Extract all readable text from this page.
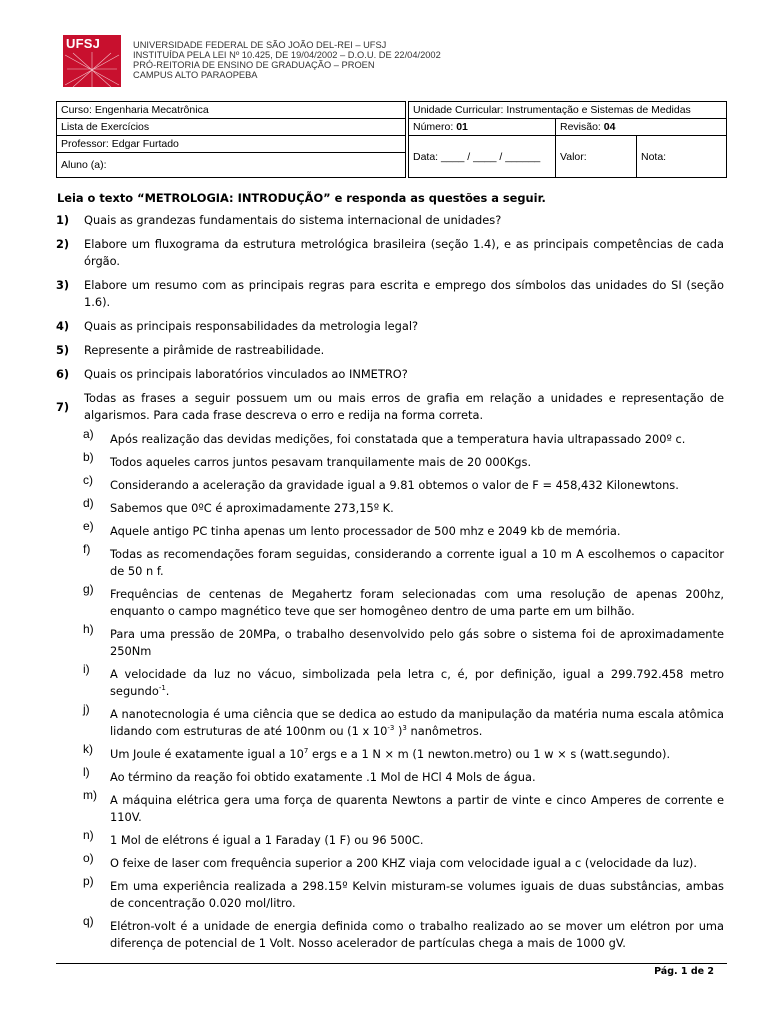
UFSJ	UNIVERSIDADE FEDERAL DE SÃO JOÃO DEL-REI – UFSJ
INSTITUÍDA PELA LEI Nº 10.425, DE 19/04/2002 – D.O.U. DE 22/04/2002
PRÓ-REITORIA DE ENSINO DE GRADUAÇÃO – PROEN
CAMPUS ALTO PARAOPEBA
Curso: Engenharia Mecatrônica		Unidade Curricular: Instrumentação e Sistemas de Medidas		
Lista de Exercícios		Número: 01	Revisão: 04	
Professor: Edgar Furtado		Data: ____ / ____ / ______	Valor:	Nota:
Aluno (a):				
Leia o texto “METROLOGIA: INTRODUÇÃO” e responda as questões a seguir.
1) Quais as grandezas fundamentais do sistema internacional de unidades?
2) Elabore um fluxograma da estrutura metrológica brasileira (seção 1.4), e as principais competências de cada órgão.
3) Elabore um resumo com as principais regras para escrita e emprego dos símbolos das unidades do SI (seção 1.6).
4) Quais as principais responsabilidades da metrologia legal?
5) Represente a pirâmide de rastreabilidade.
6) Quais os principais laboratórios vinculados ao INMETRO?
7)
Todas as frases a seguir possuem um ou mais erros de grafia em relação a unidades e representação de algarismos. Para cada frase descreva o erro e redija na forma correta.
a) Após realização das devidas medições, foi constatada que a temperatura havia ultrapassado 200º c.
b) Todos aqueles carros juntos pesavam tranquilamente mais de 20 000Kgs.
c) Considerando a aceleração da gravidade igual a 9.81 obtemos o valor de F = 458,432 Kilonewtons.
d) Sabemos que 0ºC é aproximadamente 273,15º K.
e) Aquele antigo PC tinha apenas um lento processador de 500 mhz e 2049 kb de memória.
f) Todas as recomendações foram seguidas, considerando a corrente igual a 10 m A escolhemos o capacitor de 50 n f.
g) Frequências de centenas de Megahertz foram selecionadas com uma resolução de apenas 200hz, enquanto o campo magnético teve que ser homogêneo dentro de uma parte em um bilhão.
h) Para uma pressão de 20MPa, o trabalho desenvolvido pelo gás sobre o sistema foi de aproximadamente 250Nm
i) A velocidade da luz no vácuo, simbolizada pela letra c, é, por definição, igual a 299.792.458 metro segundo$^{-1}$.
j) A nanotecnologia é uma ciência que se dedica ao estudo da manipulação da matéria numa escala atômica lidando com estruturas de até 100nm ou (1 x $10^{-3}$ )$^3$ nanômetros.
k) Um Joule é exatamente igual a $10^7$ ergs e a 1 N × m (1 newton.metro) ou 1 w × s (watt.segundo).
l) Ao término da reação foi obtido exatamente .1 Mol de HCl 4 Mols de água.
m) A máquina elétrica gera uma força de quarenta Newtons a partir de vinte e cinco Amperes de corrente e 110V.
n) 1 Mol de elétrons é igual a 1 Faraday (1 F) ou 96 500C.
o) O feixe de laser com frequência superior a 200 KHZ viaja com velocidade igual a c (velocidade da luz).
p) Em uma experiência realizada a 298.15º Kelvin misturam-se volumes iguais de duas substâncias, ambas de concentração 0.020 mol/litro.
q) Elétron-volt é a unidade de energia definida como o trabalho realizado ao se mover um elétron por uma diferença de potencial de 1 Volt. Nosso acelerador de partículas chega a mais de 1000 gV.
Pág. 1 de 2
